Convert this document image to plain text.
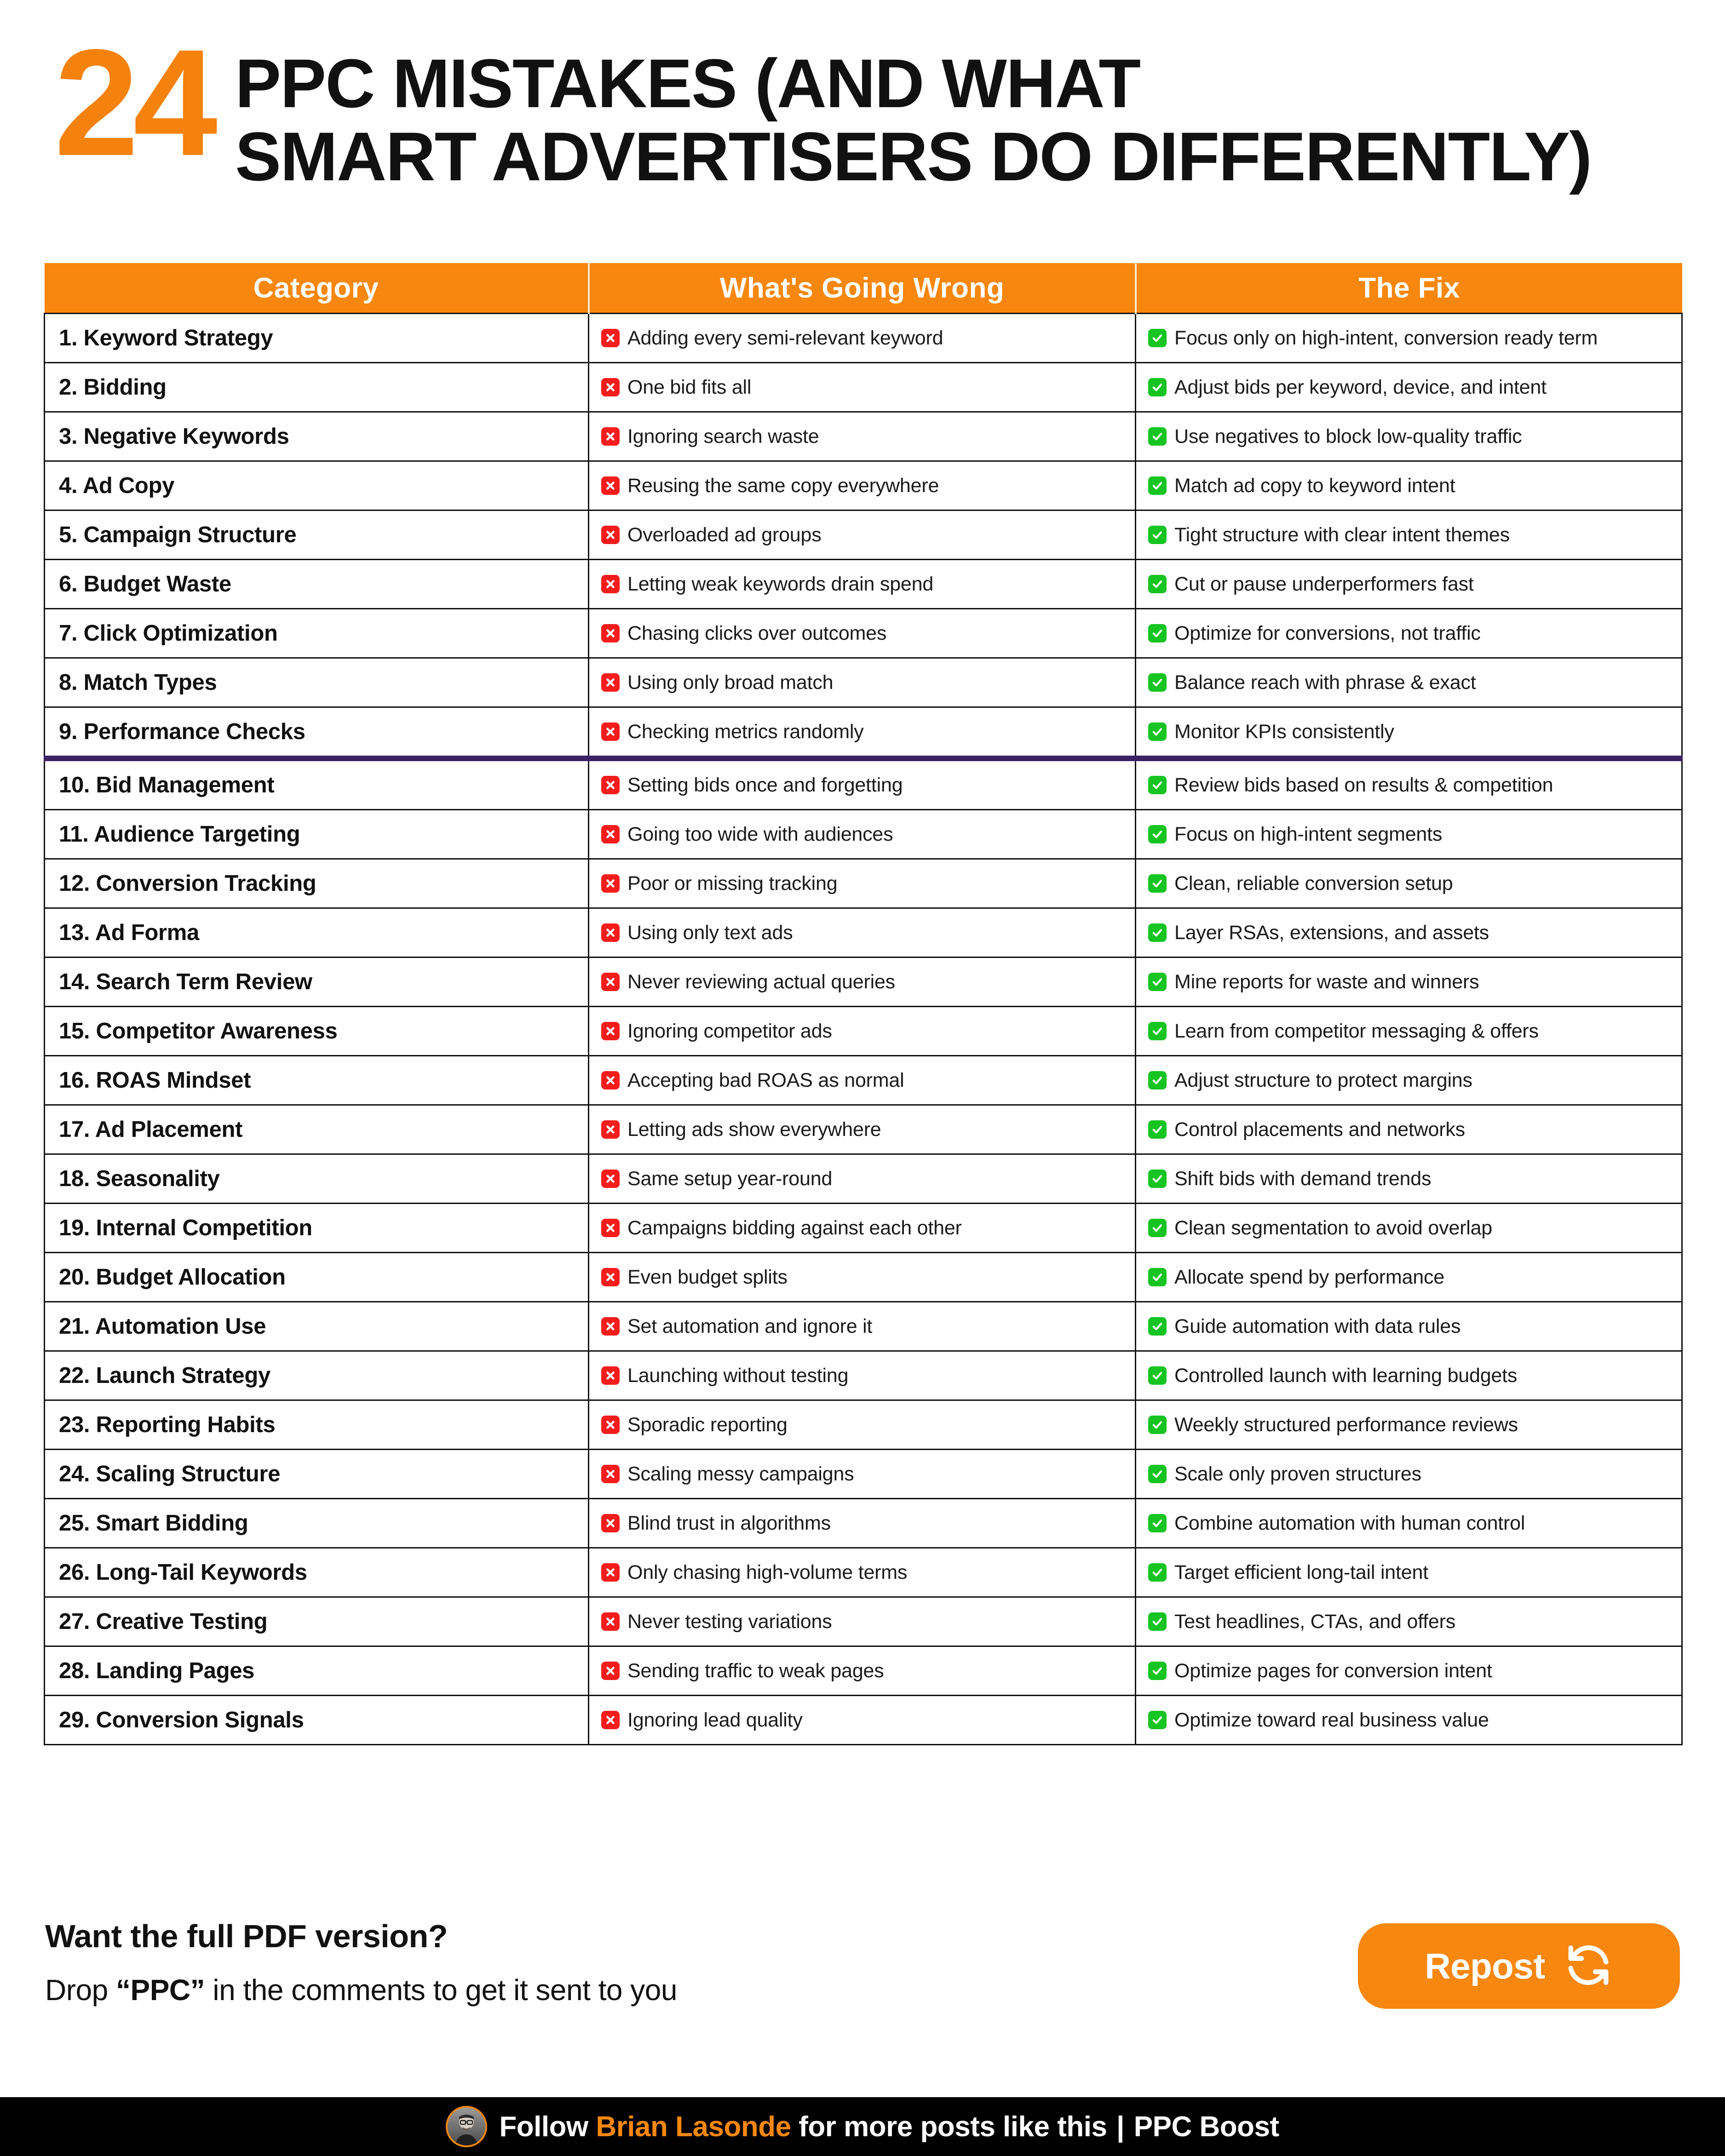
24 PPC MISTAKES (AND WHAT
SMART ADVERTISERS DO DIFFERENTLY)
Category	What's Going Wrong	The Fix
1. Keyword Strategy	Adding every semi-relevant keyword	Focus only on high-intent, conversion ready term

2. Bidding	One bid fits all	Adjust bids per keyword, device, and intent

3. Negative Keywords	Ignoring search waste	Use negatives to block low-quality traffic

4. Ad Copy	Reusing the same copy everywhere	Match ad copy to keyword intent

5. Campaign Structure	Overloaded ad groups	Tight structure with clear intent themes

6. Budget Waste	Letting weak keywords drain spend	Cut or pause underperformers fast

7. Click Optimization	Chasing clicks over outcomes	Optimize for conversions, not traffic

8. Match Types	Using only broad match	Balance reach with phrase & exact

9. Performance Checks	Checking metrics randomly	Monitor KPIs consistently

10. Bid Management	Setting bids once and forgetting	Review bids based on results & competition

11. Audience Targeting	Going too wide with audiences	Focus on high-intent segments

12. Conversion Tracking	Poor or missing tracking	Clean, reliable conversion setup

13. Ad Forma	Using only text ads	Layer RSAs, extensions, and assets

14. Search Term Review	Never reviewing actual queries	Mine reports for waste and winners

15. Competitor Awareness	Ignoring competitor ads	Learn from competitor messaging & offers

16. ROAS Mindset	Accepting bad ROAS as normal	Adjust structure to protect margins

17. Ad Placement	Letting ads show everywhere	Control placements and networks

18. Seasonality	Same setup year-round	Shift bids with demand trends

19. Internal Competition	Campaigns bidding against each other	Clean segmentation to avoid overlap

20. Budget Allocation	Even budget splits	Allocate spend by performance

21. Automation Use	Set automation and ignore it	Guide automation with data rules

22. Launch Strategy	Launching without testing	Controlled launch with learning budgets

23. Reporting Habits	Sporadic reporting	Weekly structured performance reviews

24. Scaling Structure	Scaling messy campaigns	Scale only proven structures

25. Smart Bidding	Blind trust in algorithms	Combine automation with human control

26. Long-Tail Keywords	Only chasing high-volume terms	Target efficient long-tail intent

27. Creative Testing	Never testing variations	Test headlines, CTAs, and offers

28. Landing Pages	Sending traffic to weak pages	Optimize pages for conversion intent

29. Conversion Signals	Ignoring lead quality	Optimize toward real business value
Want the full PDF version?
Drop “PPC” in the comments to get it sent to you
Repost
Follow Brian Lasonde for more posts like this | PPC Boost
